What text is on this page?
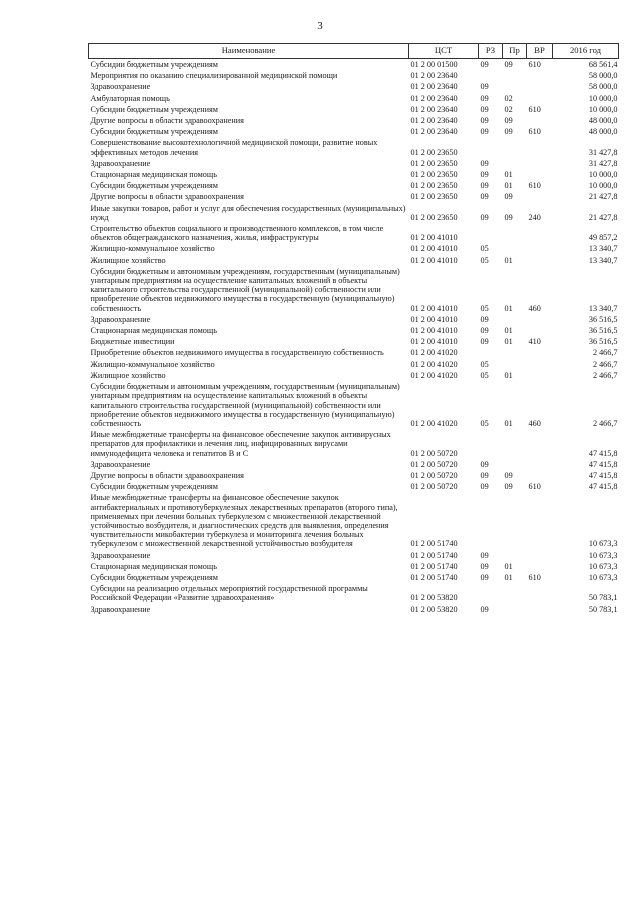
3
Наименование	ЦСТ	РЗ	Пр	ВР	2016 год
Субсидии бюджетным учреждениям	01 2 00 01500	09	09	610	68 561,4
Мероприятия по оказанию специализированной медицинской помощи	01 2 00 23640				58 000,0
Здравоохранение	01 2 00 23640	09			58 000,0
Амбулаторная помощь	01 2 00 23640	09	02		10 000,0
Субсидии бюджетным учреждениям	01 2 00 23640	09	02	610	10 000,0
Другие вопросы в области здравоохранения	01 2 00 23640	09	09		48 000,0
Субсидии бюджетным учреждениям	01 2 00 23640	09	09	610	48 000,0
Совершенствование высокотехнологичной медицинской помощи, развитие новых эффективных методов лечения	01 2 00 23650				31 427,8
Здравоохранение	01 2 00 23650	09			31 427,8
Стационарная медицинская помощь	01 2 00 23650	09	01		10 000,0
Субсидии бюджетным учреждениям	01 2 00 23650	09	01	610	10 000,0
Другие вопросы в области здравоохранения	01 2 00 23650	09	09		21 427,8
Иные закупки товаров, работ и услуг для обеспечения государственных (муниципальных) нужд	01 2 00 23650	09	09	240	21 427,8
Строительство объектов социального и производственного комплексов, в том числе объектов общегражданского назначения, жилья, инфраструктуры	01 2 00 41010				49 857,2
Жилищно-коммунальное хозяйство	01 2 00 41010	05			13 340,7
Жилищное хозяйство	01 2 00 41010	05	01		13 340,7
Субсидии бюджетным и автономным учреждениям, государственным (муниципальным) унитарным предприятиям на осуществление капитальных вложений в объекты капитального строительства государственной (муниципальной) собственности или приобретение объектов недвижимого имущества в государственную (муниципальную) собственность	01 2 00 41010	05	01	460	13 340,7
Здравоохранение	01 2 00 41010	09			36 516,5
Стационарная медицинская помощь	01 2 00 41010	09	01		36 516,5
Бюджетные инвестиции	01 2 00 41010	09	01	410	36 516,5
Приобретение объектов недвижимого имущества в государственную собственность	01 2 00 41020				2 466,7
Жилищно-коммунальное хозяйство	01 2 00 41020	05			2 466,7
Жилищное хозяйство	01 2 00 41020	05	01		2 466,7
Субсидии бюджетным и автономным учреждениям, государственным (муниципальным) унитарным предприятиям на осуществление капитальных вложений в объекты капитального строительства государственной (муниципальной) собственности или приобретение объектов недвижимого имущества в государственную (муниципальную) собственность	01 2 00 41020	05	01	460	2 466,7
Иные межбюджетные трансферты на финансовое обеспечение закупок антивирусных препаратов для профилактики и лечения лиц, инфицированных вирусами иммунодефицита человека и гепатитов В и С	01 2 00 50720				47 415,8
Здравоохранение	01 2 00 50720	09			47 415,8
Другие вопросы в области здравоохранения	01 2 00 50720	09	09		47 415,8
Субсидии бюджетным учреждениям	01 2 00 50720	09	09	610	47 415,8
Иные межбюджетные трансферты на финансовое обеспечение закупок антибактериальных и противотуберкулезных лекарственных препаратов (второго типа), применяемых при лечении больных туберкулезом с множественной лекарственной устойчивостью возбудителя, и диагностических средств для выявления, определения чувствительности микобактерии туберкулеза и мониторинга лечения больных туберкулезом с множественной лекарственной устойчивостью возбудителя	01 2 00 51740				10 673,3
Здравоохранение	01 2 00 51740	09			10 673,3
Стационарная медицинская помощь	01 2 00 51740	09	01		10 673,3
Субсидии бюджетным учреждениям	01 2 00 51740	09	01	610	10 673,3
Субсидии на реализацию отдельных мероприятий государственной программы Российской Федерации «Развитие здравоохранения»	01 2 00 53820				50 783,1
Здравоохранение	01 2 00 53820	09			50 783,1
